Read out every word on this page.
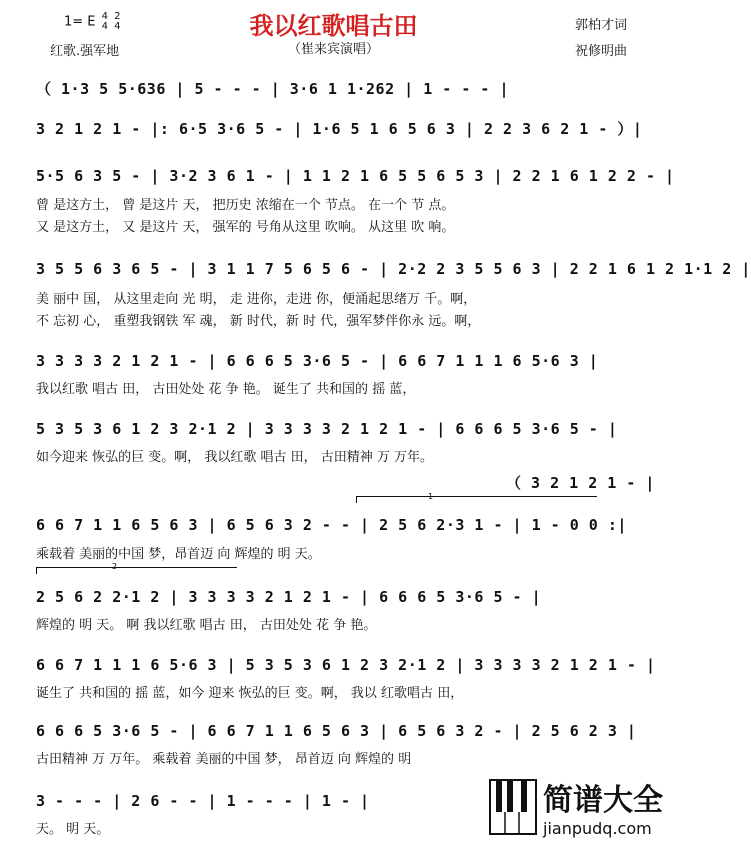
我以红歌唱古田
（崔来宾演唱）
1= E 4
4 2
4
红歌.强军地
郭柏才词
祝修明曲
（ 1·3 5 5·636 | 5 - - - | 3·6 1 1·262 | 1 - - - |
3 2 1 2 1 - |: 6·5 3·6 5 - | 1·6 5 1 6 5 6 3 | 2 2 3 6 2 1 - ）|
5·5 6 3 5 - | 3·2 3 6 1 - | 1 1 2 1 6 5 5 6 5 3 | 2 2 1 6 1 2 2 - |
曾 是这方土， 曾 是这片 天， 把历史 浓缩在一个 节点。 在一个 节 点。
又 是这方土， 又 是这片 天， 强军的 号角从这里 吹响。 从这里 吹 响。
3 5 5 6 3 6 5 - | 3 1 1 7 5 6 5 6 - | 2·2 2 3 5 5 6 3 | 2 2 1 6 1 2 1·1 2 |
美 丽中 国， 从这里走向 光 明， 走 进你，走进 你，便涌起思绪万 千。啊，
不 忘初 心， 重塑我钢铁 军 魂， 新 时代，新 时 代，强军梦伴你永 远。啊，
3 3 3 3 2 1 2 1 - | 6 6 6 5 3·6 5 - | 6 6 7 1 1 1 6 5·6 3 |
我以红歌 唱古 田， 古田处处 花 争 艳。 诞生了 共和国的 摇 蓝，
5 3 5 3 6 1 2 3 2·1 2 | 3 3 3 3 2 1 2 1 - | 6 6 6 5 3·6 5 - |
如今迎来 恢弘的巨 变。啊， 我以红歌 唱古 田， 古田精神 万 万年。
（ 3 2 1 2 1 - |
1
6 6 7 1 1 6 5 6 3 | 6 5 6 3 2 - - | 2 5 6 2·3 1 - | 1 - 0 0 :|
乘载着 美丽的中国 梦，昂首迈 向 辉煌的 明 天。
2
2 5 6 2 2·1 2 | 3 3 3 3 2 1 2 1 - | 6 6 6 5 3·6 5 - |
辉煌的 明 天。 啊 我以红歌 唱古 田， 古田处处 花 争 艳。
6 6 7 1 1 1 6 5·6 3 | 5 3 5 3 6 1 2 3 2·1 2 | 3 3 3 3 2 1 2 1 - |
诞生了 共和国的 摇 蓝，如今 迎来 恢弘的巨 变。啊， 我以 红歌唱古 田，
6 6 6 5 3·6 5 - | 6 6 7 1 1 6 5 6 3 | 6 5 6 3 2 - | 2 5 6 2 3 |
古田精神 万 万年。 乘载着 美丽的中国 梦， 昂首迈 向 辉煌的 明
3 - - - | 2 6 - - | 1 - - - | 1 - |
天。 明 天。
简谱大全
jianpudq.com
